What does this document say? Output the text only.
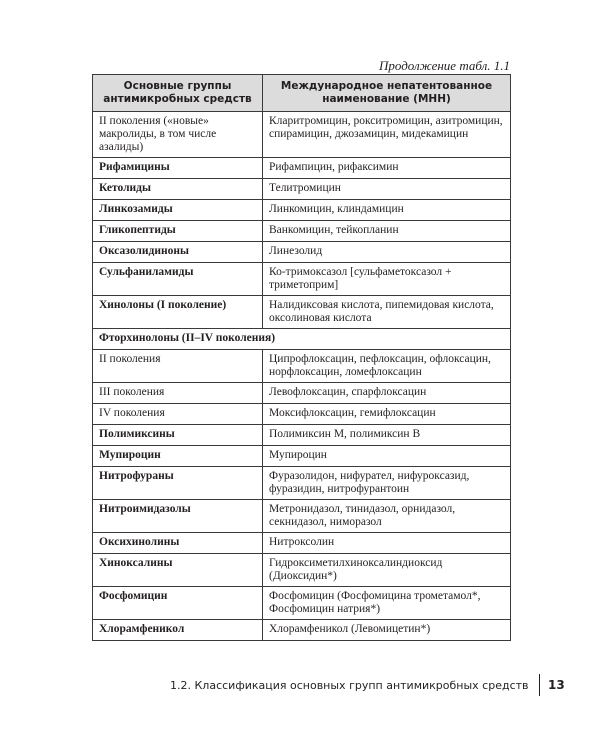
Продолжение табл. 1.1
Основные группы антимикробных средств	Международное непатентованное наименование (МНН)
II поколения («новые» макролиды, в том числе азалиды)	Кларитромицин, рокситромицин, азитромицин, спирамицин, джозамицин, мидекамицин
Рифамицины	Рифампицин, рифаксимин
Кетолиды	Телитромицин
Линкозамиды	Линкомицин, клиндамицин
Гликопептиды	Ванкомицин, тейкопланин
Оксазолидиноны	Линезолид
Сульфаниламиды	Ко-тримоксазол [сульфаметоксазол + триметоприм]
Хинолоны (I поколение)	Налидиксовая кислота, пипемидовая кислота, оксолиновая кислота
Фторхинолоны (II–IV поколения)	
II поколения	Ципрофлоксацин, пефлоксацин, офлоксацин, норфлоксацин, ломефлоксацин
III поколения	Левофлоксацин, спарфлоксацин
IV поколения	Моксифлоксацин, гемифлоксацин
Полимиксины	Полимиксин M, полимиксин B
Мупироцин	Мупироцин
Нитрофураны	Фуразолидон, нифурател, нифуроксазид, фуразидин, нитрофурантоин
Нитроимидазолы	Метронидазол, тинидазол, орнидазол, секнидазол, ниморазол
Оксихинолины	Нитроксолин
Хиноксалины	Гидроксиметилхиноксалиндиоксид (Диоксидин*)
Фосфомицин	Фосфомицин (Фосфомицина трометамол*, Фосфомицин натрия*)
Хлорамфеникол	Хлорамфеникол (Левомицетин*)
1.2. Классификация основных групп антимикробных средств 13
